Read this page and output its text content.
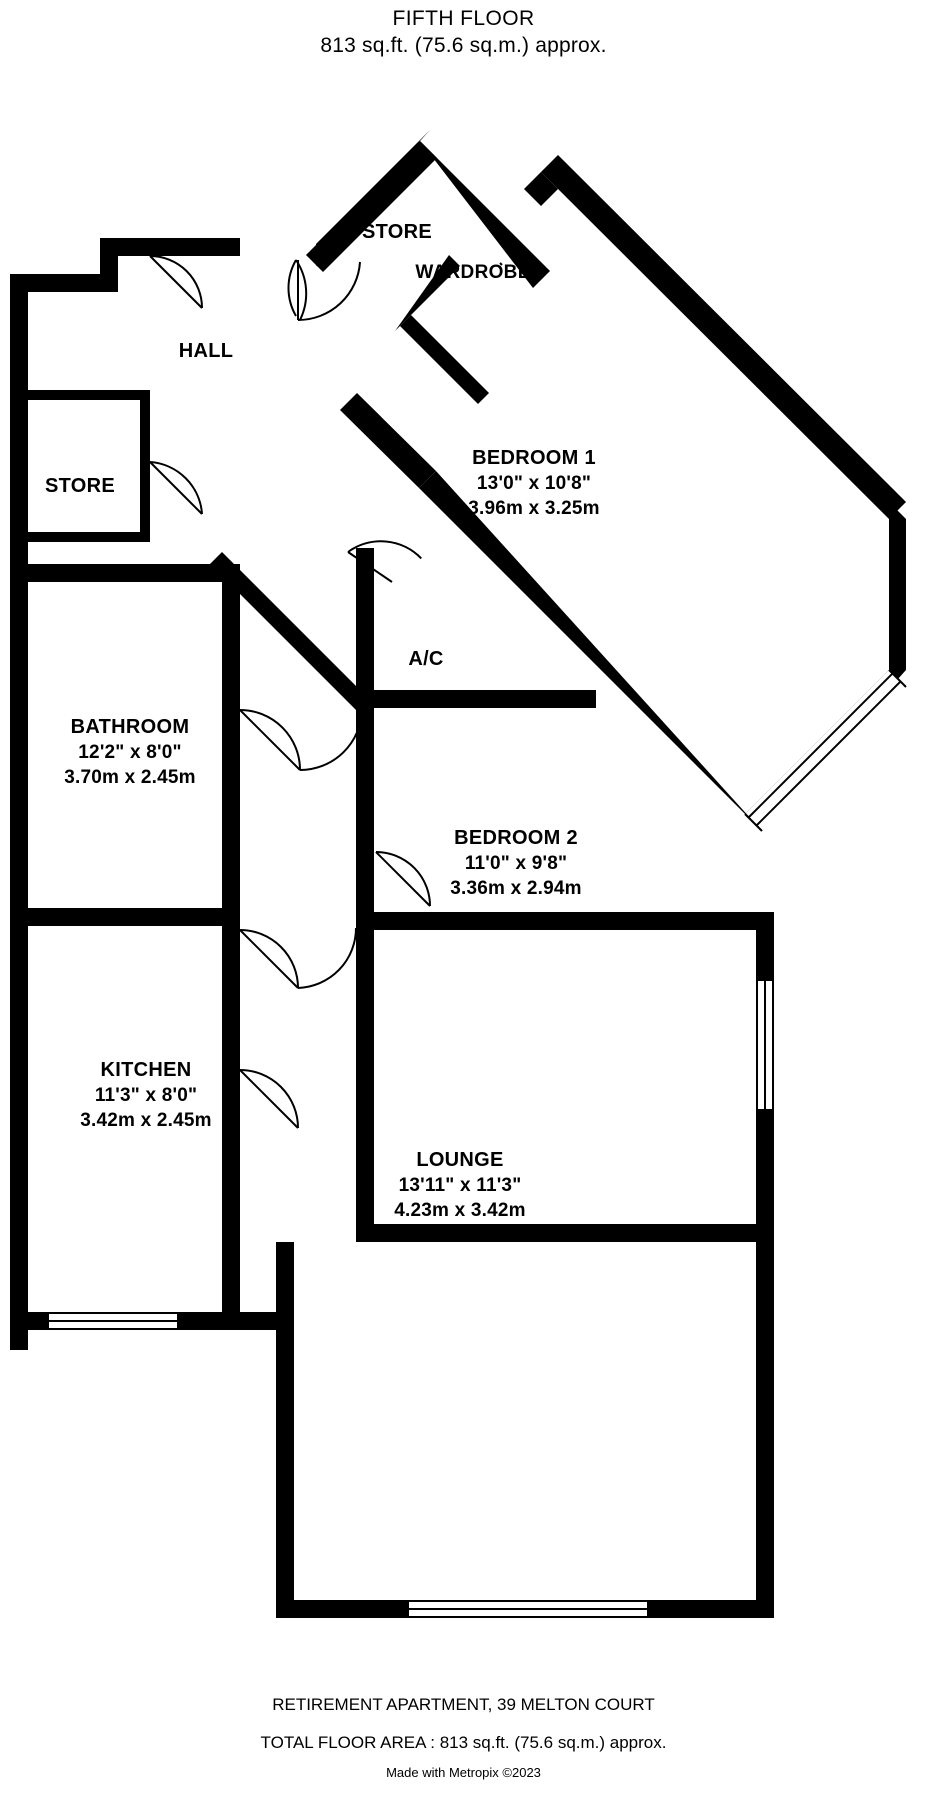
FIFTH FLOOR
813 sq.ft. (75.6 sq.m.) approx.
STORE
WARDROBE
HALL
STORE
BEDROOM 1
13'0" x 10'8"
3.96m x 3.25m
A/C
BATHROOM
12'2" x 8'0"
3.70m x 2.45m
BEDROOM 2
11'0" x 9'8"
3.36m x 2.94m
KITCHEN
11'3" x 8'0"
3.42m x 2.45m
LOUNGE
13'11" x 11'3"
4.23m x 3.42m
RETIREMENT APARTMENT, 39 MELTON COURT
TOTAL FLOOR AREA : 813 sq.ft. (75.6 sq.m.) approx.
Made with Metropix ©2023
